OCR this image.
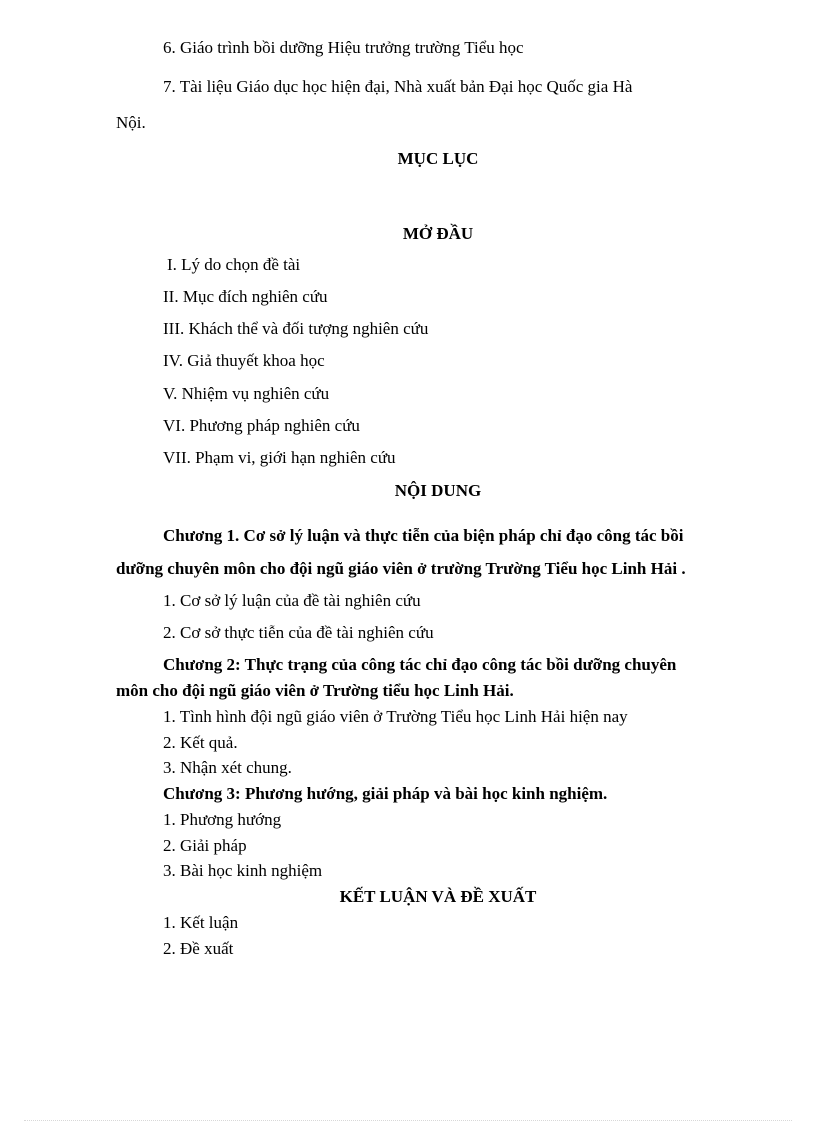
6. Giáo trình bồi dưỡng Hiệu trưởng trường Tiểu học
7. Tài liệu Giáo dục học hiện đại, Nhà xuất bản Đại học Quốc gia Hà
Nội.
MỤC LỤC
MỞ ĐẦU
I. Lý do chọn đề tài
II. Mục đích nghiên cứu
III. Khách thể và đối tượng nghiên cứu
IV. Giả thuyết khoa học
V. Nhiệm vụ nghiên cứu
VI. Phương pháp nghiên cứu
VII. Phạm vi, giới hạn nghiên cứu
NỘI DUNG
Chương 1. Cơ sở lý luận và thực tiễn của biện pháp chỉ đạo công tác bồi
dưỡng chuyên môn cho đội ngũ giáo viên ở trường Trường Tiểu học Linh Hải .
1. Cơ sở lý luận của đề tài nghiên cứu
2. Cơ sở thực tiễn của đề tài nghiên cứu
Chương 2: Thực trạng của công tác chỉ đạo công tác bồi dưỡng chuyên
môn cho đội ngũ giáo viên ở Trường tiểu học Linh Hải.
1. Tình hình đội ngũ giáo viên ở Trường Tiểu học Linh Hải hiện nay
2. Kết quả.
3. Nhận xét chung.
Chương 3: Phương hướng, giải pháp và bài học kinh nghiệm.
1. Phương hướng
2. Giải pháp
3. Bài học kinh nghiệm
KẾT LUẬN VÀ ĐỀ XUẤT
1. Kết luận
2. Đề xuất
